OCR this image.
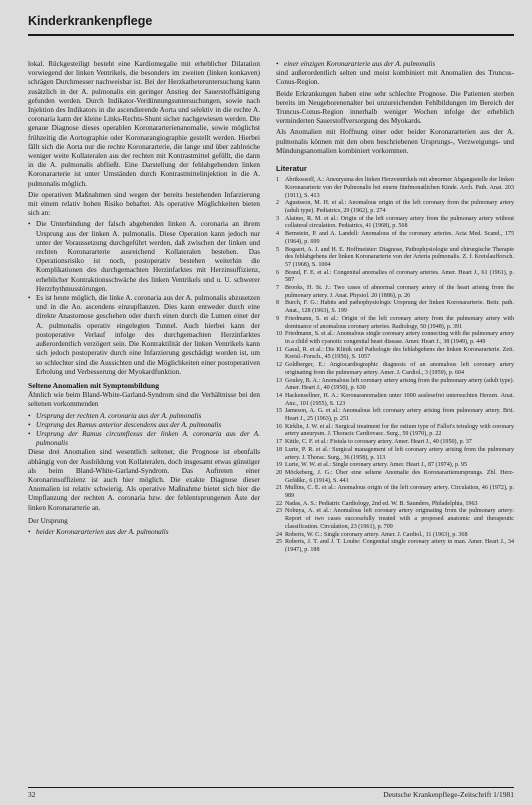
Kinderkrankenpflege

lokal. Rückgesteiligt besteht eine Kardiomegalie mit erheblicher Dilatation vorwiegend der linken Ventrikels, die besonders im zweiten (linken konkaven) schrägen Durchmesser nachweisbar ist. Bei der Herzkatheteruntersuchung kann zusätzlich in der A. pulmonalis ein geringer Anstieg der Sauerstoffsättigung gefunden werden. Durch Indikator-Verdünnungsuntersuchungen, sowie nach Injektion des Indikators in die ascendierende Aorta und selektiv in die rechte A. coronaria kann der kleine Links-Rechts-Shunt sicher nachgewiesen werden. Die genaue Diagnose dieses operablen Koronararterienanomalie, sowie möglichst frühzeitig die Aortographie oder Koronarangiographie gestellt werden. Hierbei fällt sich die Aorta nur die rechte Koronararterie, die lange und über zahlreiche weniger weite Kollateralen aus der rechten mit Kontrastmittel gefüllt, die dann in die A. pulmonalis abfließt. Eine Darstellung der fehlabgehenden linken Koronararterie ist unter Umständen durch Kontrastmittelinjektion in die A. pulmonalis möglich.

Die operativen Maßnahmen sind wegen der bereits bestehenden Infarzierung mit einem relativ hohen Risiko behaftet. Als operative Möglichkeiten bieten sich an:

• Die Unterbindung der falsch abgehenden linken A. coronaria an ihrem Ursprung aus der linken A. pulmonalis. Diese Operation kann jedoch nur unter der Voraussetzung durchgeführt werden, daß zwischen der linken und rechten Koronararterie ausreichend Kollateralen bestehen. Das Operationsrisiko ist noch, postoperativ bestehen weiterhin die Komplikationen des durchgemachten Herzinfarktes mit Herzinsuffizienz, erheblicher Kontraktionsschwäche des linken Ventrikels und u. U. schwerer Herzrhythmusstörungen.
• Es ist heute möglich, die linke A. coronaria aus der A. pulmonalis abzusetzen und in die Ao. ascendens einzupflanzen. Dies kann entweder durch eine direkte Anastomose geschehen oder durch einen durch die Lumen einer der A. pulmonalis operativ eingelegten Tunnel. Auch hierbei kann der postoperative Verlauf infolge des durchgemachten Herzinfarktes außerordentlich verzögert sein. Die Kontraktilität der linken Ventrikels kann sich jedoch postoperativ durch eine Infarzierung geschädigt worden ist, um so schlechter sind die Aussichten und die Möglichkeiten einer postoperativen Erholung und Verbesserung der Myokardfunktion.
Seltene Anomalien mit Symptombildung

Ähnlich wie beim Bland-White-Garland-Syndrom sind die Verhältnisse bei den seltenen vorkommenden

• Ursprung der rechten A. coronaria aus der A. pulmonalis
• Ursprung des Ramus anterior descendens aus der A. pulmonalis
• Ursprung der Ramus circumflexus der linken A. coronaria aus der A. pulmonalis

Diese drei Anomalien sind wesentlich seltener, die Prognose ist ebenfalls abhängig von der Ausbildung von Kollateralen, doch insgesamt etwas günstiger als beim Bland-White-Garland-Syndrom. Das Auftreten einer Koronarinsuffizienz ist auch hier möglich. Die exakte Diagnose dieser Anomalien ist relativ schwierig. Als operative Maßnahme bietet sich hier die Umpflanzung der rechten A. coronaria bzw. der fehlentsprungenen Äste der linken Koronararterie an.

Der Ursprung

• beider Koronararterien aus der A. pulmonalis
• einer einzigen Koronararterie aus der A. pulmonalis

sind außerordentlich selten und meist kombiniert mit Anomalien des Truncus-Conus-Region.

Beide Erkrankungen haben eine sehr schlechte Prognose. Die Patienten sterben bereits im Neugeborenenalter bei unzureichenden Fehlbildungen im Bereich der Truncus-Conus-Region innerhalb weniger Wochen infolge der erheblich verminderten Sauerstoffversorgung des Myokards.

Als Anomalien mit Hoffnung einer oder beider Koronararterien aus der A. pulmonalis können mit den oben beschriebenen Ursprungs-, Verzweigungs- und Mündungsanomalien kombiniert vorkommen.

Literatur
1 Abrikossoff, A.: Aneurysma des linken Herzventrikels mit abnormer Abgangsstelle der linken Koronararterie von der Pulmonalis bei einem fünfmonatlichen Kinde. Arch. Path. Anat. 203 (1911), S. 413
2 Agustsson, M. H. et al.: Anomalous origin of the left coronary from the pulmonary artery (adult type). Pediatrics, 29 (1962), p. 274
3 Alaimo, R. M. et al.: Origin of the left coronary artery from the pulmonary artery without collateral circulation. Pediatrics, 41 (1968), p. 568
4 Bernstein, P. and A. Landell: Anomalous of the coronary arteries. Acta Med. Scand., 175 (1964), p. 699
5 Bogaert, A. J. and H. E. Hoffmeister: Diagnose, Pathophysiologie und chirurgische Therapie des fehlabgehens der linken Koronararterie von der Arteria pulmonalis. Z. f. Kreislaufforsch. 57 (1968), S. 1004
6 Brand, F. E. et al.: Congenital anomalies of coronary arteries. Amer. Heart J., 61 (1961), p. 587
7 Brooks, H. St. J.: Two cases of abnormal coronary artery of the heart arising from the pulmonary artery. J. Anat. Physiol. 20 (1886), p. 26
8 Burch, F. G.: Habits and pathophysiologic Ursprung der linken Koronararterie. Beitr. path. Anat., 128 (1963), S. 199
9 Friedmann, S. et al.: Origin of the left coronary artery from the pulmonary artery with dominance of anomalous coronary arteries. Radiology, 50 (1948), p. 391
10 Friedmann, S. et al.: Anomalous single coronary artery connecting with the pulmonary artery in a child with cyanotic congenital heart disease. Amer. Heart J., 38 (1949), p. 449
11 Gasul, R. et al.: Die Klinik und Pathologie des fehlabgehens der linken Koronararterie. Zeit. Kreisl.-Forsch., 45 (1956), S. 1057
12 Goldberger, E.: Angiocardiographic diagnosis of an anomalous left coronary artery originating from the pulmonary artery. Amer. J. Cardiol., 3 (1959), p. 604
13 Gouley, B. A.: Anomalous left coronary artery arising from the pulmonary artery (adult type). Amer. Heart J., 40 (1950), p. 630
14 Hackensellner, H. A.: Koronaranomalien unter 1000 auslesefrei untersuchten Herzen. Anat. Anz., 101 (1955), S. 123
15 Jameson, A. G. et al.: Anomalous left coronary artery arising from pulmonary artery. Brit. Heart J., 25 (1963), p. 251
16 Kirklin, J. W. et al.: Surgical treatment for the ostium type of Fallot's tetralogy with coronary artery aneurysm. J. Thoracic Cardiovasc. Surg., 59 (1970), p. 22
17 Kittle, C. F. et al.: Fistula to coronary artery. Amer. Heart J., 40 (1950), p. 37
18 Lurie, P. R. et al.: Surgical management of left coronary artery arising from the pulmonary artery. J. Thorac. Surg., 36 (1958), p. 113
19 Lurie, W. W. et al.: Single coronary artery. Amer. Heart J., 87 (1974), p. 95
20 Möckeberg, J. G.: Über eine seltene Anomalie des Koronarartienursprungs. Zbl. Herz-Gefäßkr., 6 (1914), S. 441
21 Mullins, C. E. et al.: Anomalous origin of the left coronary artery. Circulation, 46 (1972), p. 989
22 Nadas, A. S.: Pediatric Cardiology, 2nd ed. W. B. Saunders, Philadelphia, 1963
23 Nobuya, A. et al.: Anomalous left coronary artery originating from the pulmonary artery: Report of two cases successfully treated with a proposed anatomic and therapeutic classification. Circulation, 23 (1961), p. 709
24 Roberts, W. C.: Single coronary artery. Amer. J. Cardiol., 11 (1963), p. 368
25 Roberts, J. T. and J. T. Loube: Congenital single coronary artery in man. Amer. Heart J., 34 (1947), p. 188
32	Deutsche Krankenpflege-Zeitschrift 1/1981
